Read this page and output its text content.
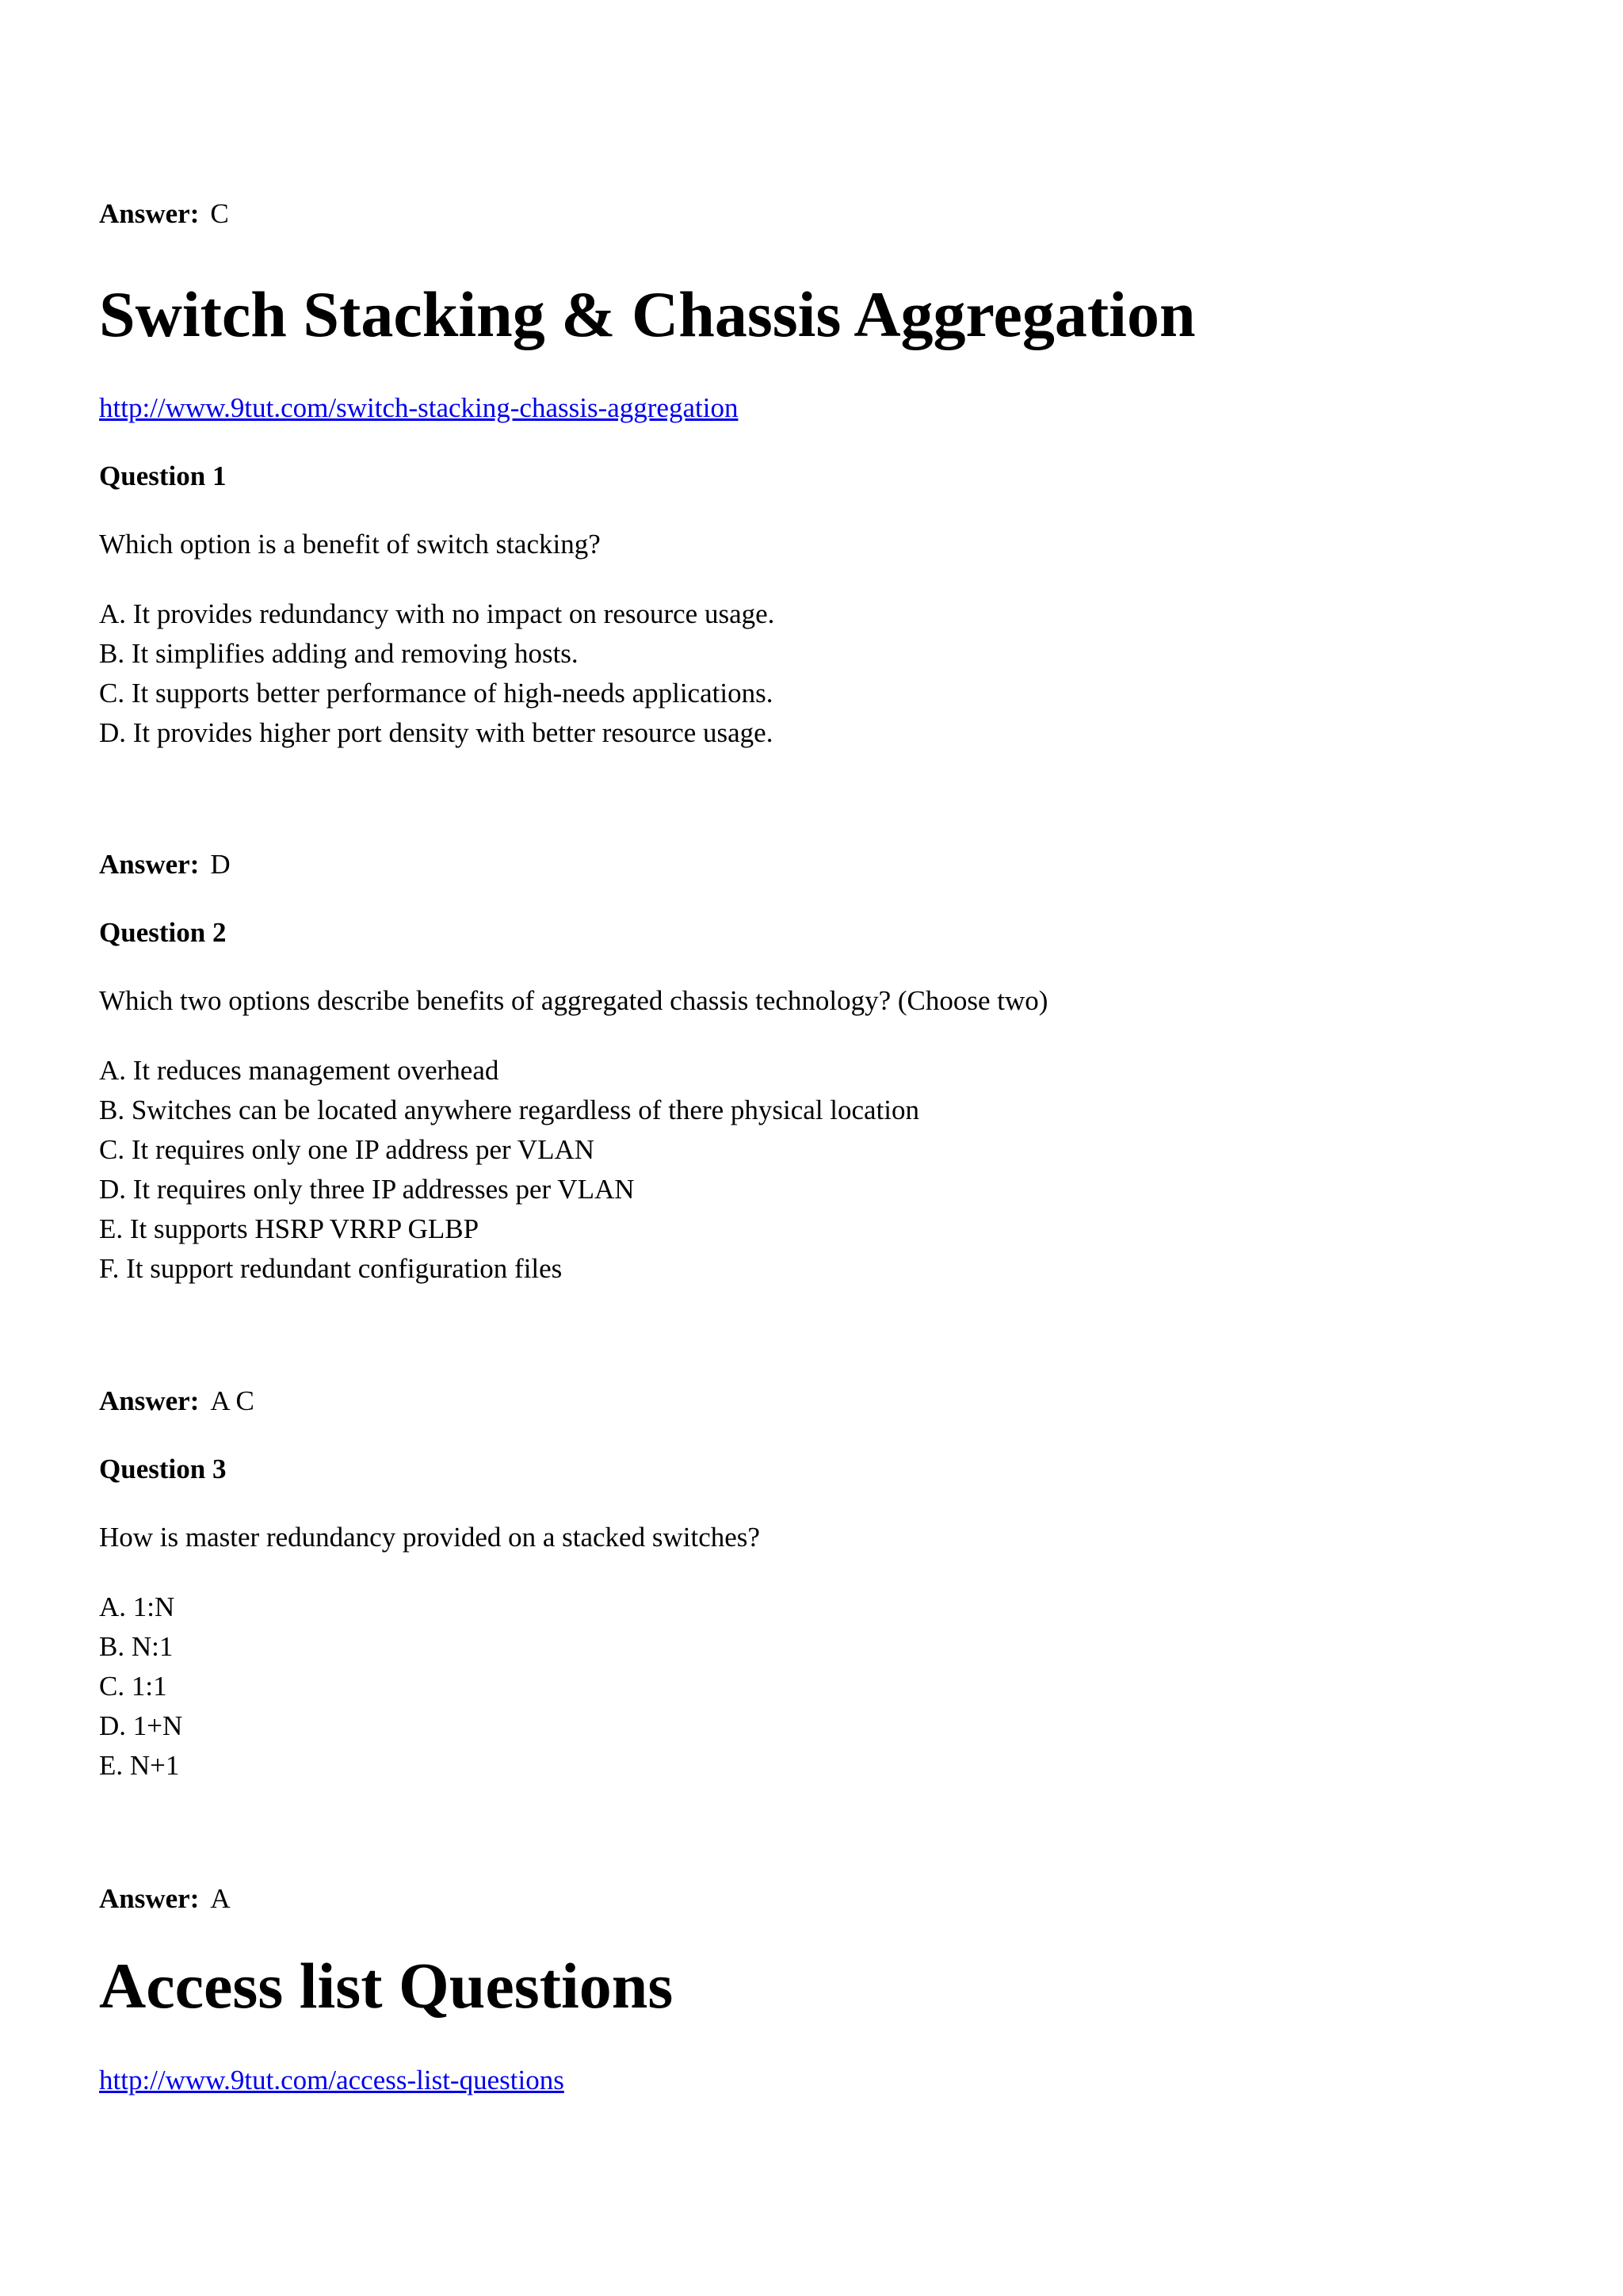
Answer: C
Switch Stacking & Chassis Aggregation
http://www.9tut.com/switch-stacking-chassis-aggregation
Question 1
Which option is a benefit of switch stacking?
A. It provides redundancy with no impact on resource usage.
B. It simplifies adding and removing hosts.
C. It supports better performance of high-needs applications.
D. It provides higher port density with better resource usage.
Answer: D
Question 2
Which two options describe benefits of aggregated chassis technology? (Choose two)
A. It reduces management overhead
B. Switches can be located anywhere regardless of there physical location
C. It requires only one IP address per VLAN
D. It requires only three IP addresses per VLAN
E. It supports HSRP VRRP GLBP
F. It support redundant configuration files
Answer: A C
Question 3
How is master redundancy provided on a stacked switches?
A. 1:N
B. N:1
C. 1:1
D. 1+N
E. N+1
Answer: A
Access list Questions
http://www.9tut.com/access-list-questions
